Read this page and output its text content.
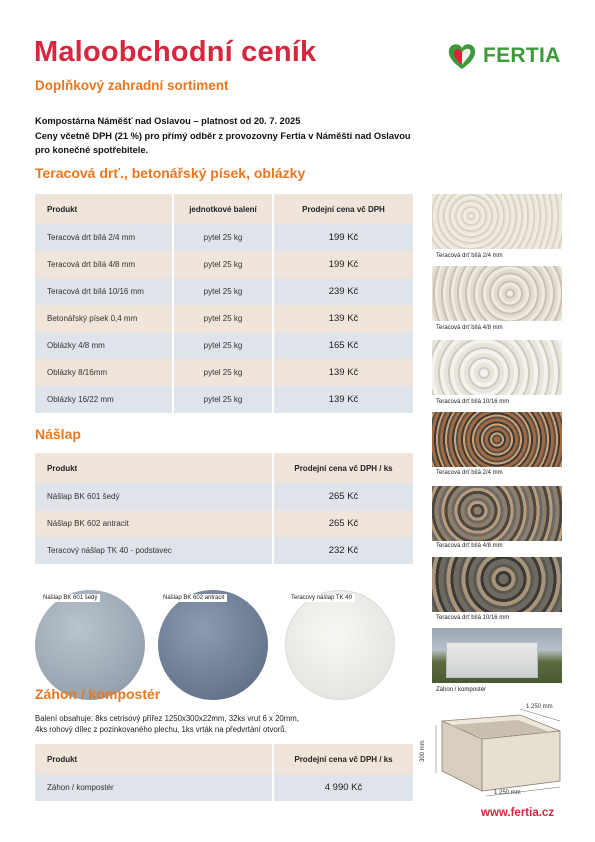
Maloobchodní ceník
Doplňkový zahradní sortiment
FERTIA
Kompostárna Náměšť nad Oslavou – platnost od 20. 7. 2025
Ceny včetně DPH (21 %) pro přímý odběr z provozovny Fertia v Náměšti nad Oslavou
pro konečné spotřebitele.
Teracová drť., betonářský písek, oblázky
Produkt	jednotkové balení	Prodejní cena vč DPH
Teracová drt bílá 2/4 mm	pytel 25 kg	199 Kč
Teracová drt bílá 4/8 mm	pytel 25 kg	199 Kč
Teracová drt bílá 10/16 mm	pytel 25 kg	239 Kč
Betonářský písek 0,4 mm	pytel 25 kg	139 Kč
Oblázky 4/8 mm	pytel 25 kg	165 Kč
Oblázky 8/16mm	pytel 25 kg	139 Kč
Oblázky 16/22 mm	pytel 25 kg	139 Kč
Nášlap
Produkt	Prodejní cena vč DPH / ks
Nášlap BK 601 šedý	265 Kč
Nášlap BK 602 antracit	265 Kč
Teracový nášlap TK 40 - podstavec	232 Kč
Nášlap BK 601 šedý	Nášlap BK 602 antracit	Teracový nášlap TK 40
Záhon / kompostér
Balení obsahuje: 8ks cetrisový přířez 1250x300x22mm, 32ks vrut 6 x 20mm,
4ks rohový dílec z pozinkovaného plechu, 1ks vrták na předvrtání otvorů.
Produkt	Prodejní cena vč DPH / ks
Záhon / kompostér	4 990 Kč
Teracová drť bílá 2/4 mm
Teracová drť bílá 4/8 mm
Teracová drť bílá 10/16 mm
Teracová drť bílá 2/4 mm
Teracová drť bílá 4/8 mm
Teracová drť bílá 10/16 mm
Záhon / kompostér
1 250 mm
1 250 mm
300 mm
www.fertia.cz
